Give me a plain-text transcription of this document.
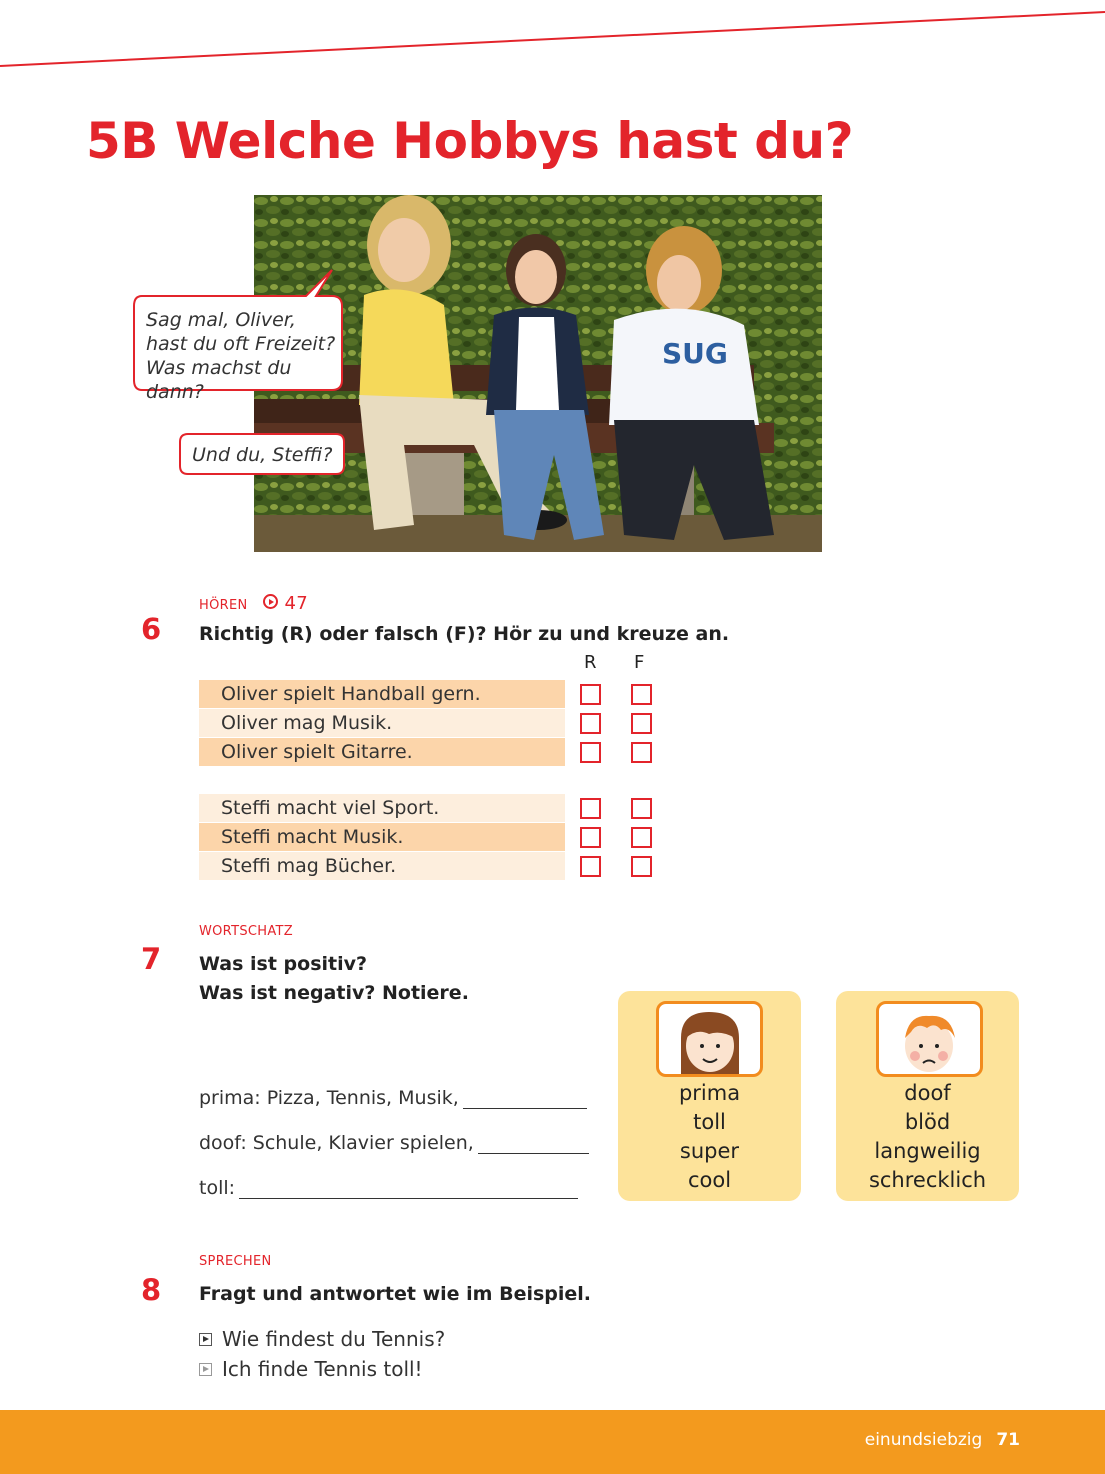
5B Welche Hobbys hast du?
SUG
Sag mal, Oliver, hast du oft Freizeit? Was machst du dann?
Und du, Steffi?
HÖREN 47
6 Richtig (R) oder falsch (F)? Hör zu und kreuze an.
R F
Oliver spielt Handball gern.
Oliver mag Musik.
Oliver spielt Gitarre.
Steffi macht viel Sport.
Steffi macht Musik.
Steffi mag Bücher.
WORTSCHATZ
7 Was ist positiv?
Was ist negativ? Notiere.
prima: Pizza, Tennis, Musik,
doof: Schule, Klavier spielen,
toll:
prima
toll
super
cool
doof
blöd
langweilig
schrecklich
SPRECHEN
8 Fragt und antwortet wie im Beispiel.
Wie findest du Tennis?
Ich finde Tennis toll!
einundsiebzig 71
